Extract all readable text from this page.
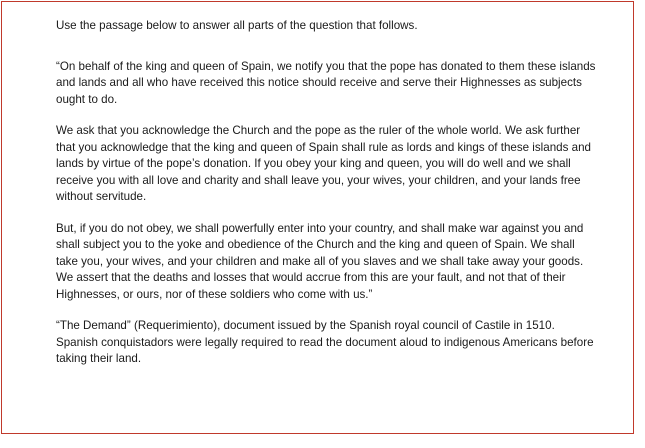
Use the passage below to answer all parts of the question that follows.

“On behalf of the king and queen of Spain, we notify you that the pope has donated to them these islands and lands and all who have received this notice should receive and serve their Highnesses as subjects ought to do.

We ask that you acknowledge the Church and the pope as the ruler of the whole world. We ask further that you acknowledge that the king and queen of Spain shall rule as lords and kings of these islands and lands by virtue of the pope’s donation. If you obey your king and queen, you will do well and we shall receive you with all love and charity and shall leave you, your wives, your children, and your lands free without servitude.

But, if you do not obey, we shall powerfully enter into your country, and shall make war against you and shall subject you to the yoke and obedience of the Church and the king and queen of Spain. We shall take you, your wives, and your children and make all of you slaves and we shall take away your goods. We assert that the deaths and losses that would accrue from this are your fault, and not that of their Highnesses, or ours, nor of these soldiers who come with us.”

“The Demand” (Requerimiento), document issued by the Spanish royal council of Castile in 1510. Spanish conquistadors were legally required to read the document aloud to indigenous Americans before taking their land.
